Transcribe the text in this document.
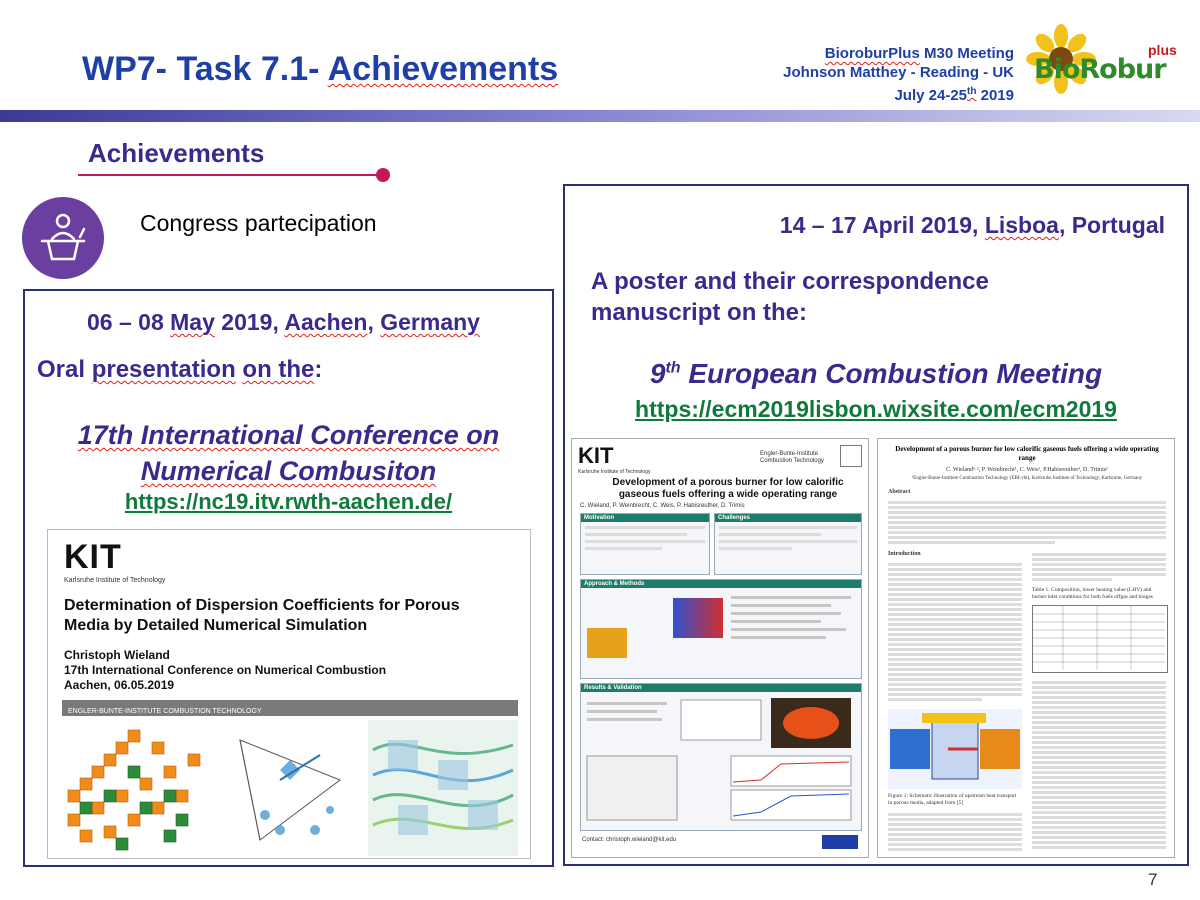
WP7- Task 7.1- Achievements	BioroburPlus M30 Meeting
Johnson Matthey - Reading - UK
July 24-25th 2019
BioRobur
plus
Achievements
Congress partecipation
06 – 08 May 2019, Aachen, Germany
Oral presentation on the:
17th International Conference on
Numerical Combusiton
https://nc19.itv.rwth-aachen.de/
KIT
Karlsruhe Institute of Technology
Determination of Dispersion Coefficients for Porous Media by Detailed Numerical Simulation
Christoph Wieland
17th International Conference on Numerical Combustion
Aachen, 06.05.2019
ENGLER-BUNTE-INSTITUTE COMBUSTION TECHNOLOGY
14 – 17 April 2019, Lisboa, Portugal
A poster and their correspondence
manuscript on the:
9th European Combustion Meeting
https://ecm2019lisbon.wixsite.com/ecm2019
KIT
Karlsruhe Institute of Technology
Engler-Bunte-Institute Combustion Technology
Development of a porous burner for low calorific gaseous fuels offering a wide operating range
C. Wieland, P. Weinbrecht, C. Weis, P. Habisreuther, D. Trimis
Motivation	Challenges
Approach & Methods
Results & Validation
Contact: christoph.wieland@kit.edu
Development of a porous burner for low calorific gaseous fuels offering a wide operating range
C. Wieland¹·², P. Weinbrecht¹, C. Weis¹, P.Habisreuther¹, D. Trimis¹
¹Engler-Bunte-Institute Combustion Technology (EBI-vbt), Karlsruhe Institute of Technology, Karlsruhe, Germany
Abstract
Introduction
Figure 1: Schematic illustration of upstream heat transport in porous media, adapted from [5]
Table 1: Composition, lower heating value (LHV) and burner inlet conditions for both fuels offgas and biogas
7
